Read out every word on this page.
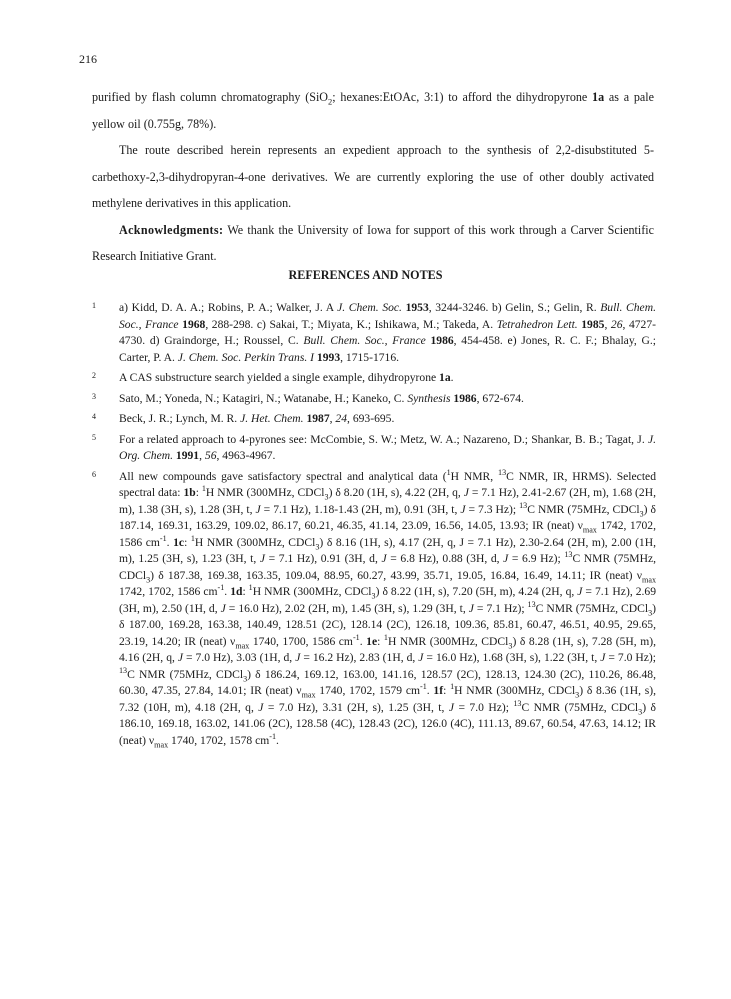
216

purified by flash column chromatography (SiO$_2$; hexanes:EtOAc, 3:1) to afford the dihydropyrone 1a as a pale yellow oil (0.755g, 78%).

The route described herein represents an expedient approach to the synthesis of 2,2-disubstituted 5-carbethoxy-2,3-dihydropyran-4-one derivatives. We are currently exploring the use of other doubly activated methylene derivatives in this application.

Acknowledgments: We thank the University of Iowa for support of this work through a Carver Scientific Research Initiative Grant.

REFERENCES AND NOTES
1	a) Kidd, D. A. A.; Robins, P. A.; Walker, J. A J. Chem. Soc. 1953, 3244-3246. b) Gelin, S.; Gelin, R. Bull. Chem. Soc., France 1968, 288-298. c) Sakai, T.; Miyata, K.; Ishikawa, M.; Takeda, A. Tetrahedron Lett. 1985, 26, 4727-4730. d) Graindorge, H.; Roussel, C. Bull. Chem. Soc., France 1986, 454-458. e) Jones, R. C. F.; Bhalay, G.; Carter, P. A. J. Chem. Soc. Perkin Trans. I 1993, 1715-1716.
2	A CAS substructure search yielded a single example, dihydropyrone 1a.
3	Sato, M.; Yoneda, N.; Katagiri, N.; Watanabe, H.; Kaneko, C. Synthesis 1986, 672-674.
4	Beck, J. R.; Lynch, M. R. J. Het. Chem. 1987, 24, 693-695.
5	For a related approach to 4-pyrones see: McCombie, S. W.; Metz, W. A.; Nazareno, D.; Shankar, B. B.; Tagat, J. J. Org. Chem. 1991, 56, 4963-4967.
6	All new compounds gave satisfactory spectral and analytical data ($^1$H NMR, $^{13}$C NMR, IR, HRMS). Selected spectral data: 1b: $^1$H NMR (300MHz, CDCl$_3$) δ 8.20 (1H, s), 4.22 (2H, q, J = 7.1 Hz), 2.41-2.67 (2H, m), 1.68 (2H, m), 1.38 (3H, s), 1.28 (3H, t, J = 7.1 Hz), 1.18-1.43 (2H, m), 0.91 (3H, t, J = 7.3 Hz); $^{13}$C NMR (75MHz, CDCl$_3$) δ 187.14, 169.31, 163.29, 109.02, 86.17, 60.21, 46.35, 41.14, 23.09, 16.56, 14.05, 13.93; IR (neat) $\nu_{max}$ 1742, 1702, 1586 $cm^{-1}$. 1c: $^1$H NMR (300MHz, CDCl$_3$) δ 8.16 (1H, s), 4.17 (2H, q, J = 7.1 Hz), 2.30-2.64 (2H, m), 2.00 (1H, m), 1.25 (3H, s), 1.23 (3H, t, J = 7.1 Hz), 0.91 (3H, d, J = 6.8 Hz), 0.88 (3H, d, J = 6.9 Hz); $^{13}$C NMR (75MHz, CDCl$_3$) δ 187.38, 169.38, 163.35, 109.04, 88.95, 60.27, 43.99, 35.71, 19.05, 16.84, 16.49, 14.11; IR (neat) $\nu_{max}$ 1742, 1702, 1586 $cm^{-1}$. 1d: $^1$H NMR (300MHz, CDCl$_3$) δ 8.22 (1H, s), 7.20 (5H, m), 4.24 (2H, q, J = 7.1 Hz), 2.69 (3H, m), 2.50 (1H, d, J = 16.0 Hz), 2.02 (2H, m), 1.45 (3H, s), 1.29 (3H, t, J = 7.1 Hz); $^{13}$C NMR (75MHz, CDCl$_3$) δ 187.00, 169.28, 163.38, 140.49, 128.51 (2C), 128.14 (2C), 126.18, 109.36, 85.81, 60.47, 46.51, 40.95, 29.65, 23.19, 14.20; IR (neat) $\nu_{max}$ 1740, 1700, 1586 $cm^{-1}$. 1e: $^1$H NMR (300MHz, CDCl$_3$) δ 8.28 (1H, s), 7.28 (5H, m), 4.16 (2H, q, J = 7.0 Hz), 3.03 (1H, d, J = 16.2 Hz), 2.83 (1H, d, J = 16.0 Hz), 1.68 (3H, s), 1.22 (3H, t, J = 7.0 Hz); $^{13}$C NMR (75MHz, CDCl$_3$) δ 186.24, 169.12, 163.00, 141.16, 128.57 (2C), 128.13, 124.30 (2C), 110.26, 86.48, 60.30, 47.35, 27.84, 14.01; IR (neat) $\nu_{max}$ 1740, 1702, 1579 $cm^{-1}$. 1f: $^1$H NMR (300MHz, CDCl$_3$) δ 8.36 (1H, s), 7.32 (10H, m), 4.18 (2H, q, J = 7.0 Hz), 3.31 (2H, s), 1.25 (3H, t, J = 7.0 Hz); $^{13}$C NMR (75MHz, CDCl$_3$) δ 186.10, 169.18, 163.02, 141.06 (2C), 128.58 (4C), 128.43 (2C), 126.0 (4C), 111.13, 89.67, 60.54, 47.63, 14.12; IR (neat) $\nu_{max}$ 1740, 1702, 1578 $cm^{-1}$.
